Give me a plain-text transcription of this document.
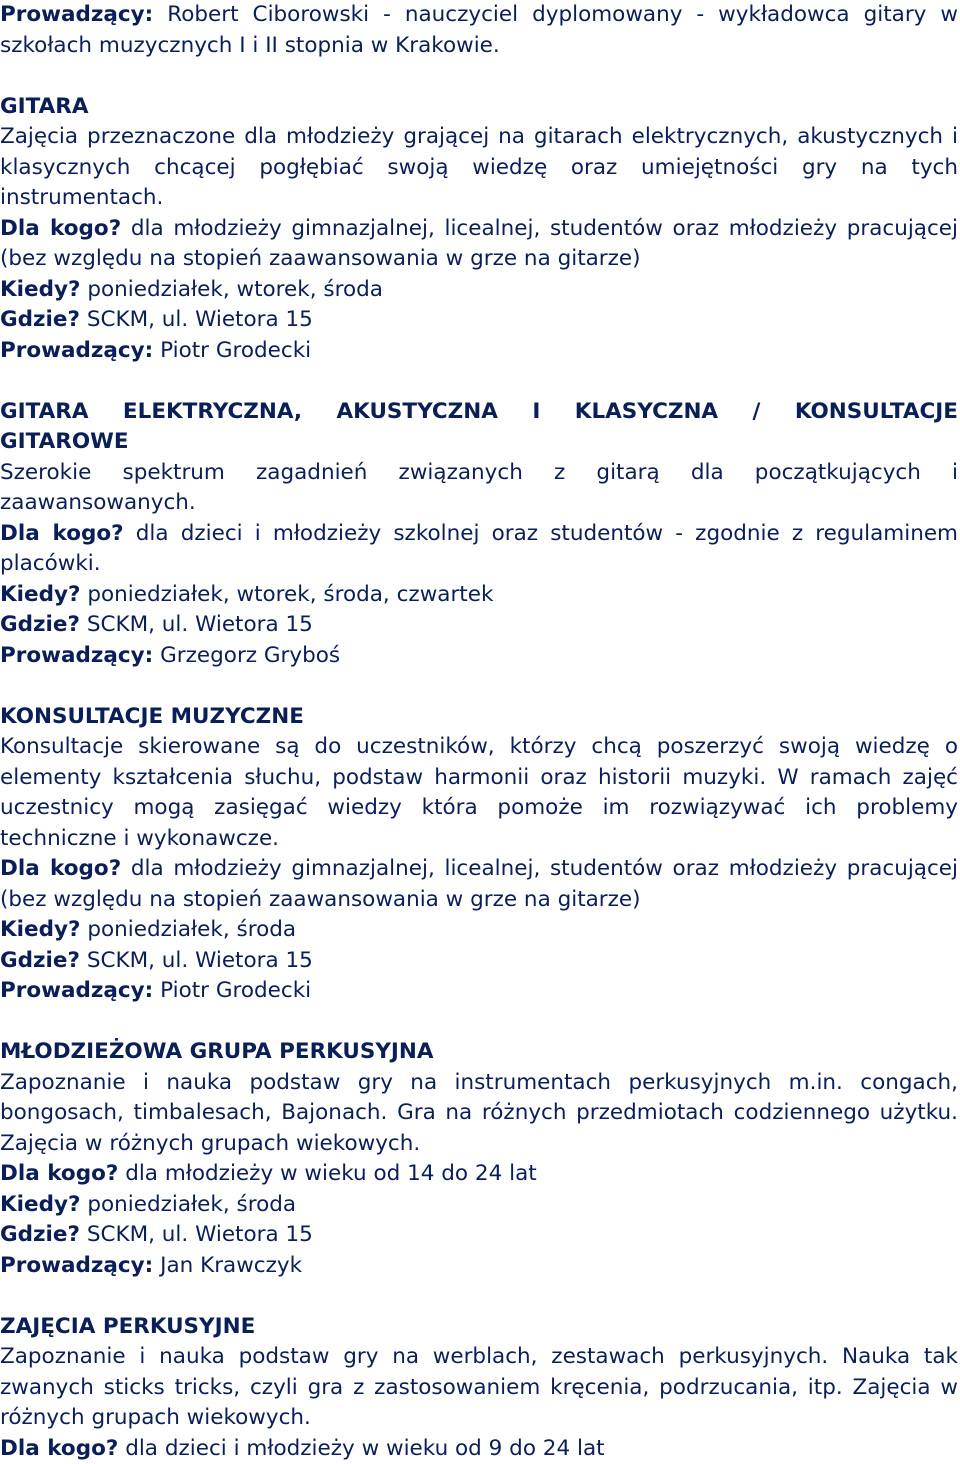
Prowadzący: Robert Ciborowski - nauczyciel dyplomowany - wykładowca gitary w szkołach muzycznych I i II stopnia w Krakowie.

GITARA

Zajęcia przeznaczone dla młodzieży grającej na gitarach elektrycznych, akustycznych i klasycznych chcącej pogłębiać swoją wiedzę oraz umiejętności gry na tych instrumentach.

Dla kogo? dla młodzieży gimnazjalnej, licealnej, studentów oraz młodzieży pracującej (bez względu na stopień zaawansowania w grze na gitarze)

Kiedy? poniedziałek, wtorek, środa

Gdzie? SCKM, ul. Wietora 15

Prowadzący: Piotr Grodecki

GITARA ELEKTRYCZNA, AKUSTYCZNA I KLASYCZNA / KONSULTACJE

GITAROWE

Szerokie spektrum zagadnień związanych z gitarą dla początkujących i zaawansowanych.

Dla kogo? dla dzieci i młodzieży szkolnej oraz studentów - zgodnie z regulaminem placówki.

Kiedy? poniedziałek, wtorek, środa, czwartek

Gdzie? SCKM, ul. Wietora 15

Prowadzący: Grzegorz Gryboś

KONSULTACJE MUZYCZNE

Konsultacje skierowane są do uczestników, którzy chcą poszerzyć swoją wiedzę o elementy kształcenia słuchu, podstaw harmonii oraz historii muzyki. W ramach zajęć uczestnicy mogą zasięgać wiedzy która pomoże im rozwiązywać ich problemy techniczne i wykonawcze.

Dla kogo? dla młodzieży gimnazjalnej, licealnej, studentów oraz młodzieży pracującej (bez względu na stopień zaawansowania w grze na gitarze)

Kiedy? poniedziałek, środa

Gdzie? SCKM, ul. Wietora 15

Prowadzący: Piotr Grodecki

MŁODZIEŻOWA GRUPA PERKUSYJNA

Zapoznanie i nauka podstaw gry na instrumentach perkusyjnych m.in. congach, bongosach, timbalesach, Bajonach. Gra na różnych przedmiotach codziennego użytku. Zajęcia w różnych grupach wiekowych.

Dla kogo? dla młodzieży w wieku od 14 do 24 lat

Kiedy? poniedziałek, środa

Gdzie? SCKM, ul. Wietora 15

Prowadzący: Jan Krawczyk

ZAJĘCIA PERKUSYJNE

Zapoznanie i nauka podstaw gry na werblach, zestawach perkusyjnych. Nauka tak zwanych sticks tricks, czyli gra z zastosowaniem kręcenia, podrzucania, itp. Zajęcia w różnych grupach wiekowych.

Dla kogo? dla dzieci i młodzieży w wieku od 9 do 24 lat
